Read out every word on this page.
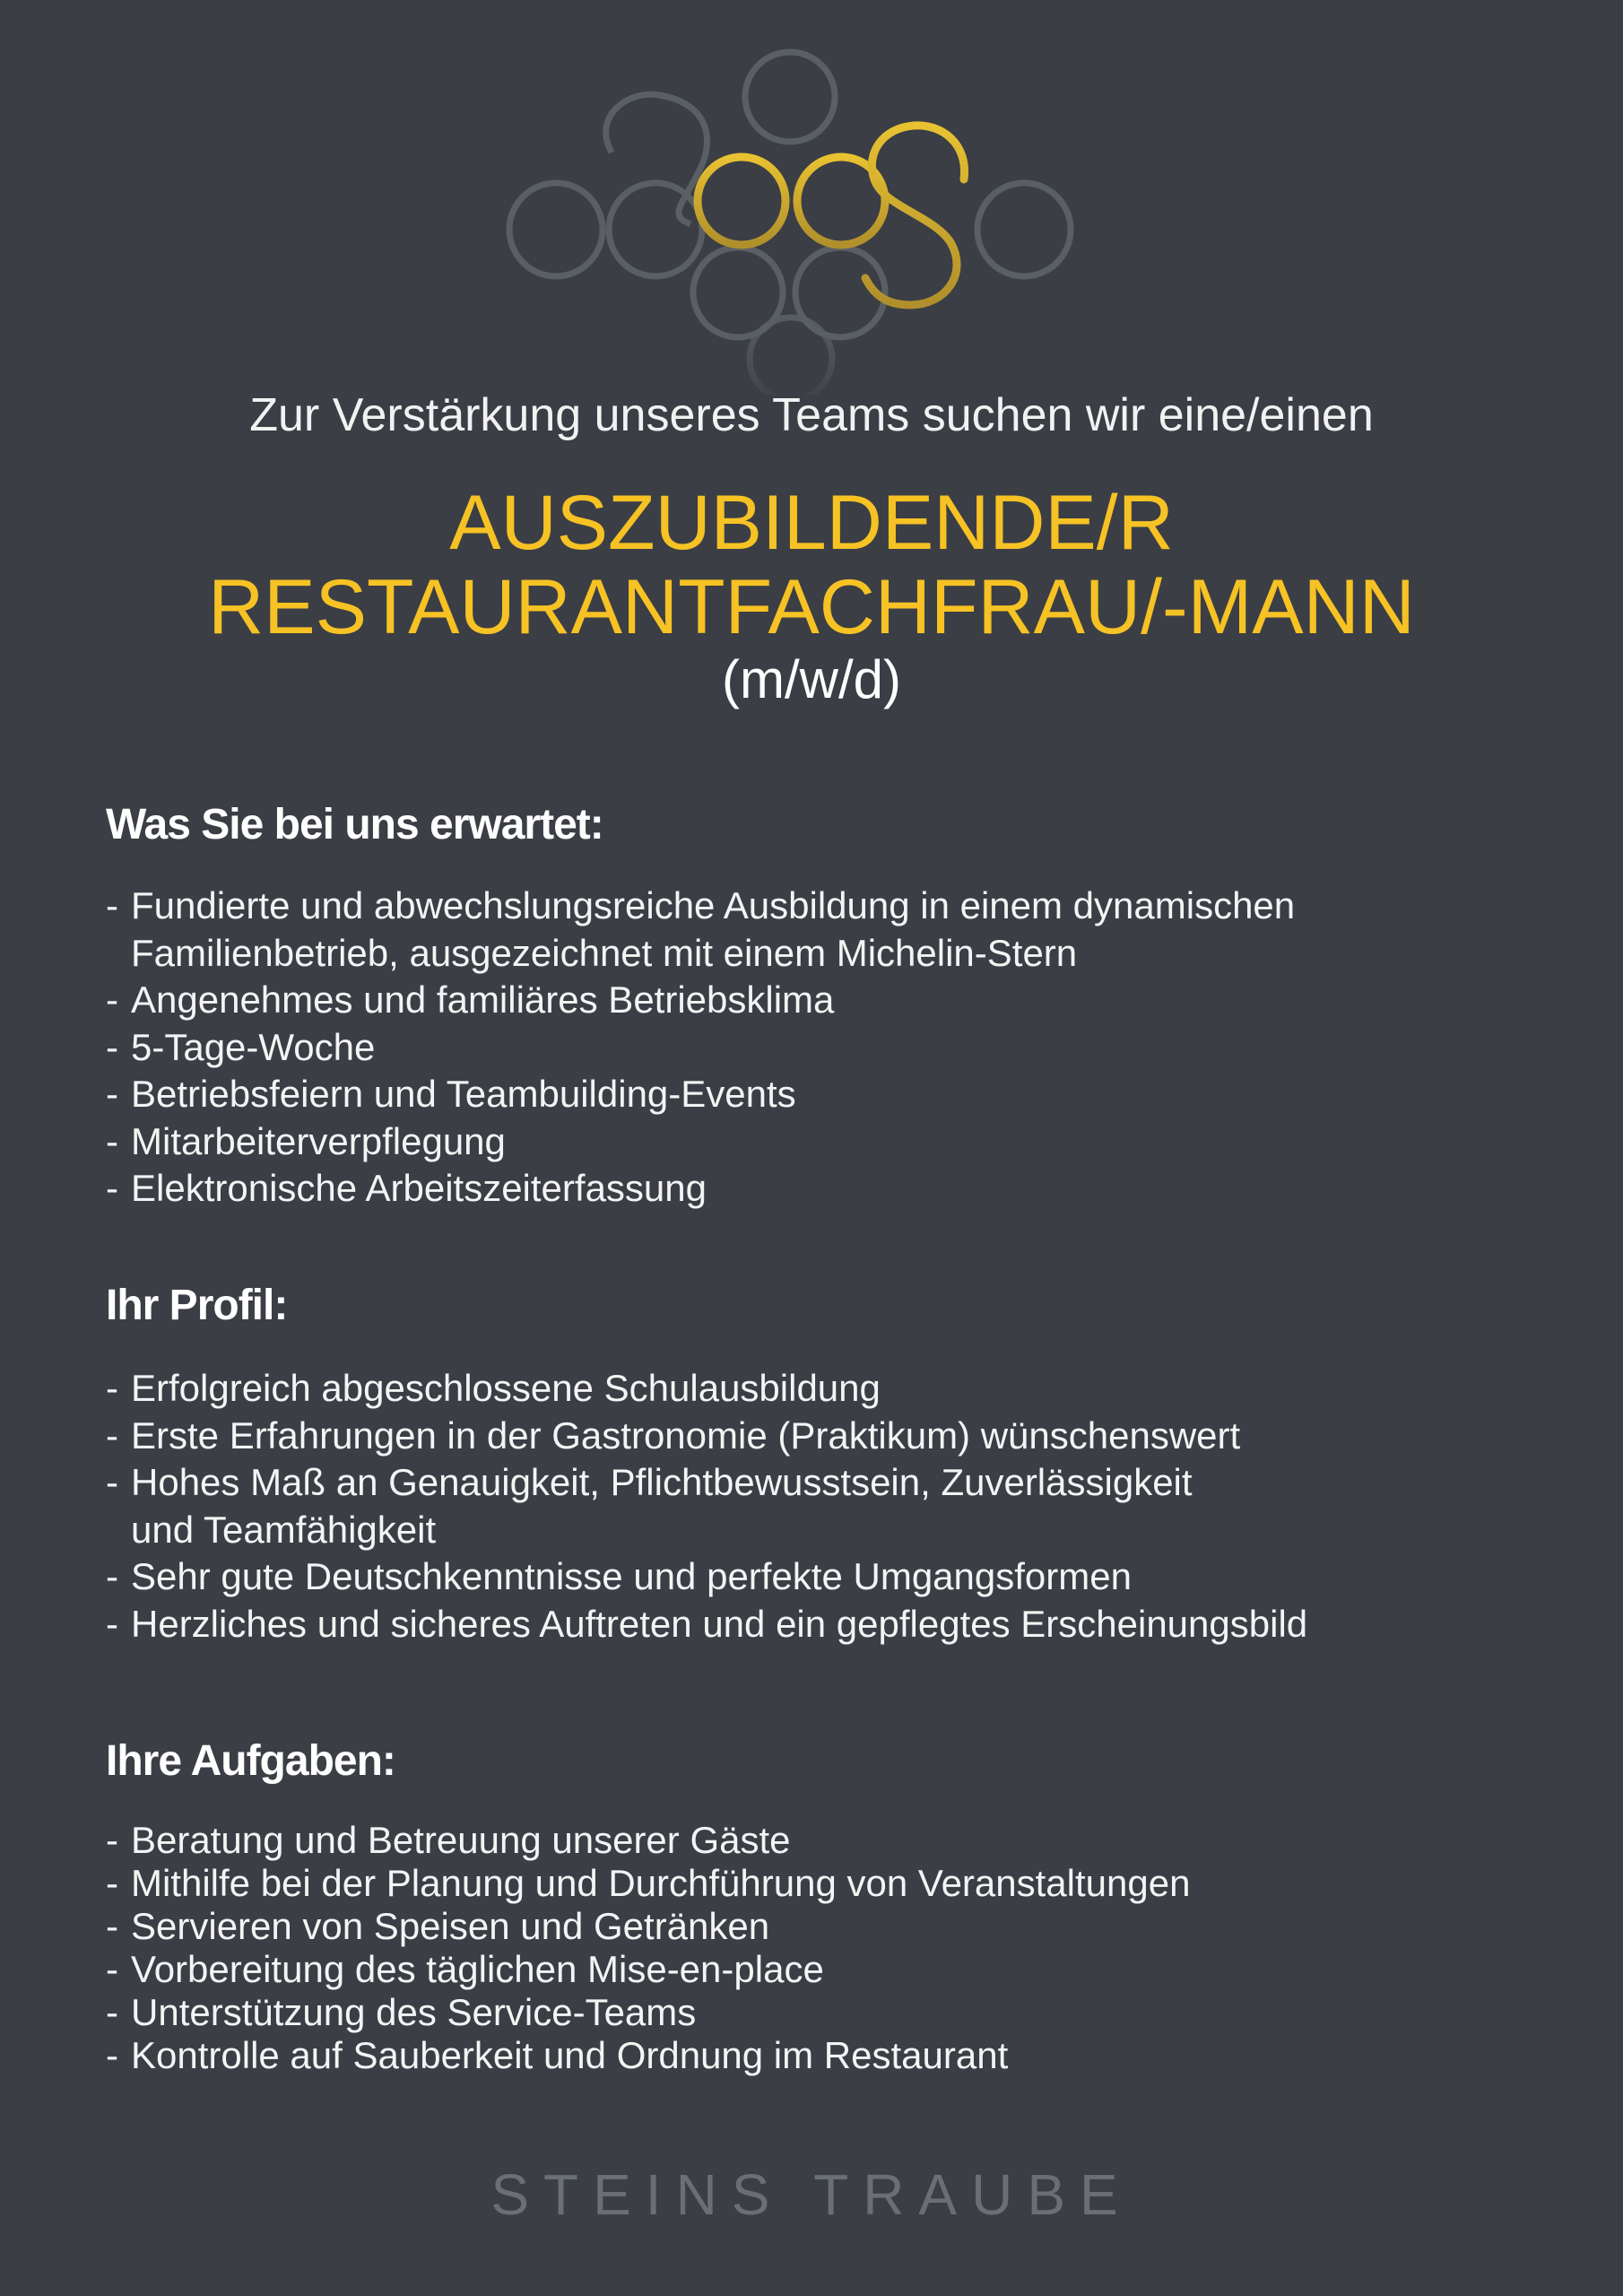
Zur Verstärkung unseres Teams suchen wir eine/einen
AUSZUBILDENDE/R
RESTAURANTFACHFRAU/-MANN
(m/w/d)
Was Sie bei uns erwartet:
- Fundierte und abwechslungsreiche Ausbildung in einem dynamischen
Familienbetrieb, ausgezeichnet mit einem Michelin-Stern
- Angenehmes und familiäres Betriebsklima
- 5-Tage-Woche
- Betriebsfeiern und Teambuilding-Events
- Mitarbeiterverpflegung
- Elektronische Arbeitszeiterfassung
Ihr Profil:
- Erfolgreich abgeschlossene Schulausbildung
- Erste Erfahrungen in der Gastronomie (Praktikum) wünschenswert
- Hohes Maß an Genauigkeit, Pflichtbewusstsein, Zuverlässigkeit
und Teamfähigkeit
- Sehr gute Deutschkenntnisse und perfekte Umgangsformen
- Herzliches und sicheres Auftreten und ein gepflegtes Erscheinungsbild
Ihre Aufgaben:
- Beratung und Betreuung unserer Gäste
- Mithilfe bei der Planung und Durchführung von Veranstaltungen
- Servieren von Speisen und Getränken
- Vorbereitung des täglichen Mise-en-place
- Unterstützung des Service-Teams
- Kontrolle auf Sauberkeit und Ordnung im Restaurant
STEINS TRAUBE
